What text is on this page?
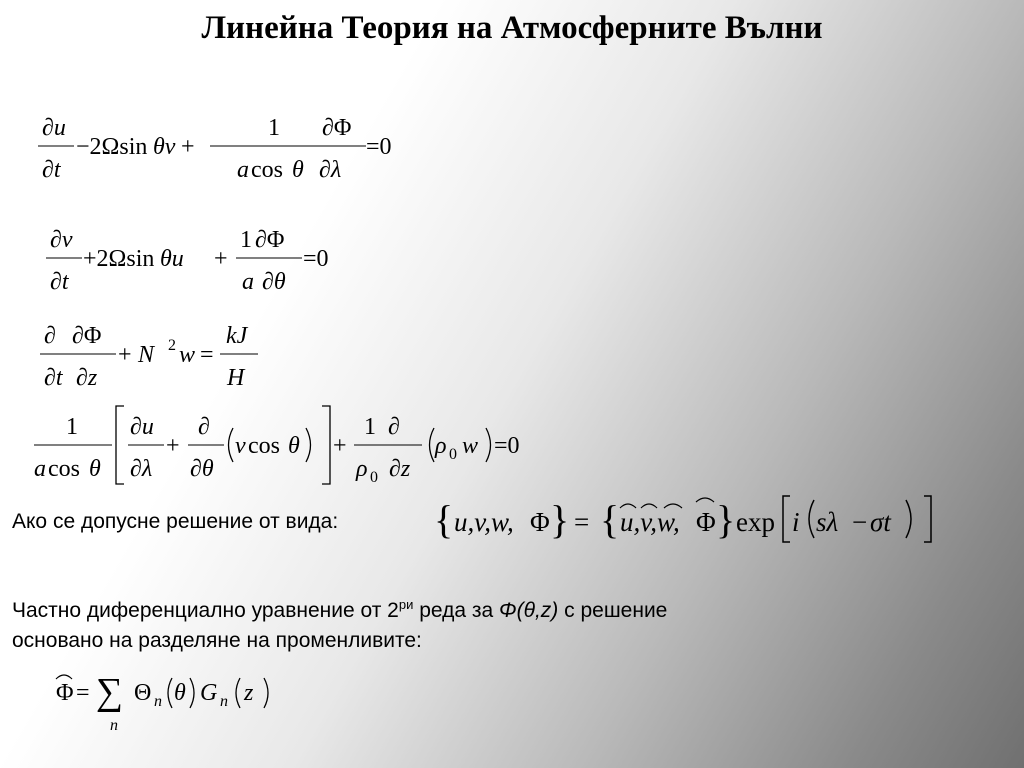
Линейна Теория на Атмосферните Вълни
∂u
∂t
−2Ωsin θv +
1
a cos θ
∂Φ
∂λ
=0
∂v
∂t
+2Ωsin θu +
1 ∂Φ
a ∂θ
=0
∂ ∂Φ
∂t ∂z
+ N 2 w =
kJ
H
1
a cos θ
∂u
∂λ
+
∂
∂θ
v cos θ +
1 ∂
ρ 0 ∂z
ρ 0 w =0
Ако се допусне решение от вида: { u,v,w, Φ } = { u,v,w, Φ } exp i sλ − σt
Частно диференциално уравнение от $2^{ри}$ реда за Φ(θ,z) с решение
основано на разделяне на променливите:
Φ = ∑
n
Θ n θ G n z
